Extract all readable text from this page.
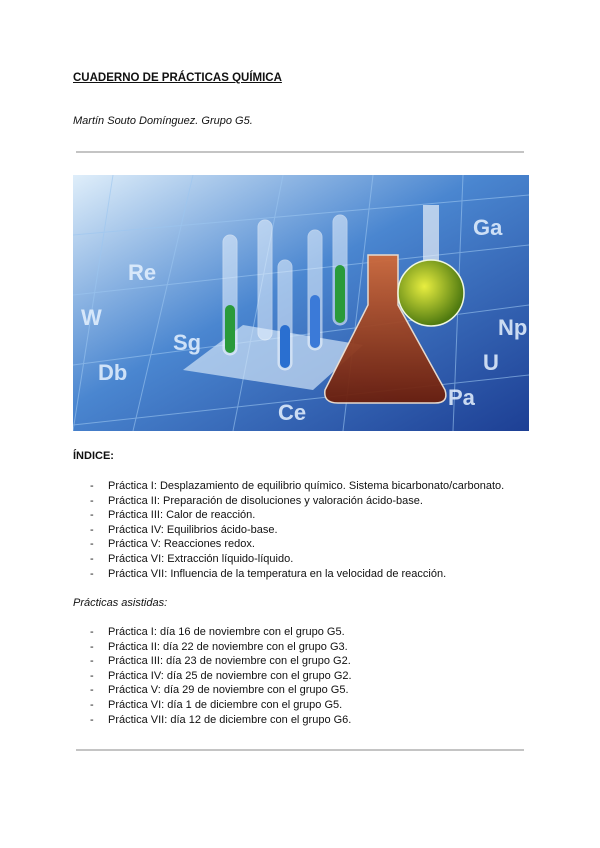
CUADERNO DE PRÁCTICAS QUÍMICA
Martín Souto Domínguez. Grupo G5.
Re
Db
Sg
W
Ce
Pa
U
Np
Ga
ÍNDICE:
- Práctica I: Desplazamiento de equilibrio químico. Sistema bicarbonato/carbonato.
- Práctica II: Preparación de disoluciones y valoración ácido-base.
- Práctica III: Calor de reacción.
- Práctica IV: Equilibrios ácido-base.
- Práctica V: Reacciones redox.
- Práctica VI: Extracción líquido-líquido.
- Práctica VII: Influencia de la temperatura en la velocidad de reacción.
Prácticas asistidas:
- Práctica I: día 16 de noviembre con el grupo G5.
- Práctica II: día 22 de noviembre con el grupo G3.
- Práctica III: día 23 de noviembre con el grupo G2.
- Práctica IV: día 25 de noviembre con el grupo G2.
- Práctica V: día 29 de noviembre con el grupo G5.
- Práctica VI: día 1 de diciembre con el grupo G5.
- Práctica VII: día 12 de diciembre con el grupo G6.
